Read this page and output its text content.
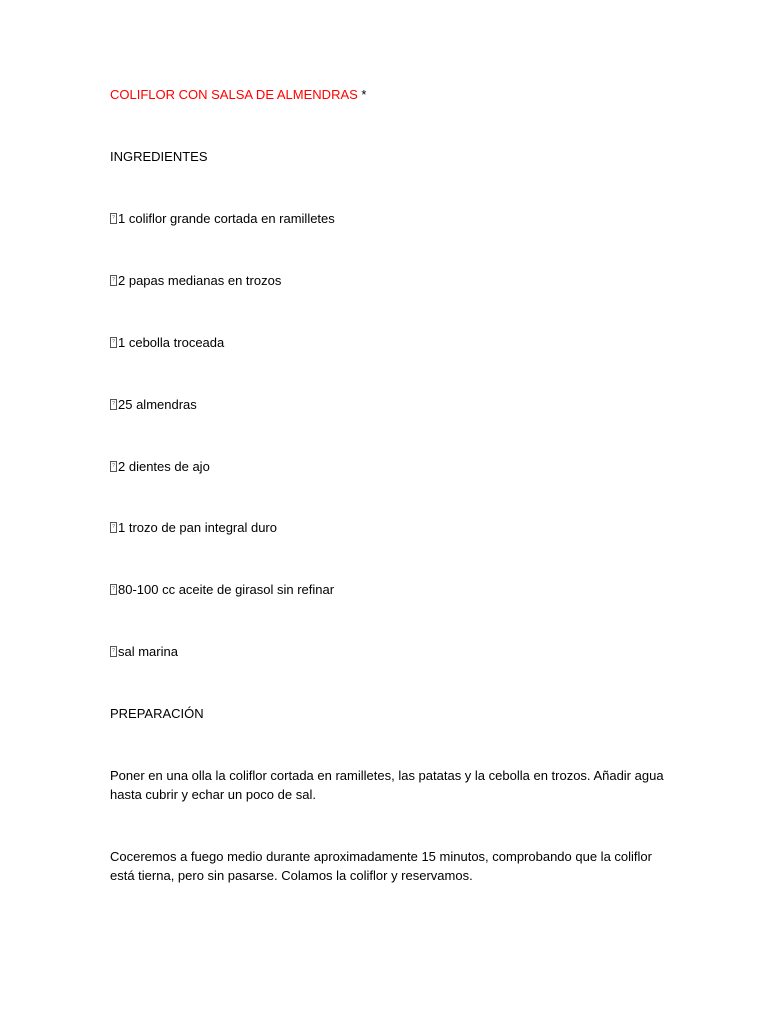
COLIFLOR CON SALSA DE ALMENDRAS *
INGREDIENTES
? 1 coliflor grande cortada en ramilletes
? 2 papas medianas en trozos
? 1 cebolla troceada
? 25 almendras
? 2 dientes de ajo
? 1 trozo de pan integral duro
? 80-100 cc aceite de girasol sin refinar
? sal marina
PREPARACIÓN
Poner en una olla la coliflor cortada en ramilletes, las patatas y la cebolla en trozos. Añadir agua hasta cubrir y echar un poco de sal.
Coceremos a fuego medio durante aproximadamente 15 minutos, comprobando que la coliflor está tierna, pero sin pasarse. Colamos la coliflor y reservamos.
